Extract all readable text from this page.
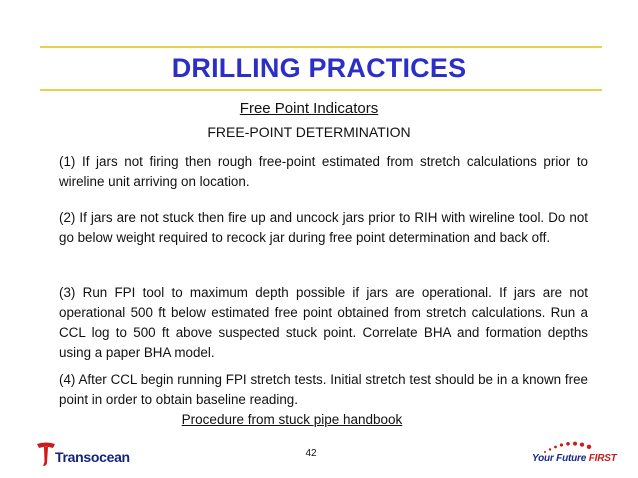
DRILLING PRACTICES
Free Point Indicators
FREE-POINT DETERMINATION
(1) If jars not firing then rough free-point estimated from stretch calculations prior to wireline unit arriving on location.
(2) If jars are not stuck then fire up and uncock jars prior to RIH with wireline tool. Do not go below weight required to recock jar during free point determination and back off.
(3) Run FPI tool to maximum depth possible if jars are operational. If jars are not operational 500 ft below estimated free point obtained from stretch calculations. Run a CCL log to 500 ft above suspected stuck point. Correlate BHA and formation depths using a paper BHA model.
(4) After CCL begin running FPI stretch tests. Initial stretch test should be in a known free point in order to obtain baseline reading.
Procedure from stuck pipe handbook
42
Transocean	Your Future FIRST
